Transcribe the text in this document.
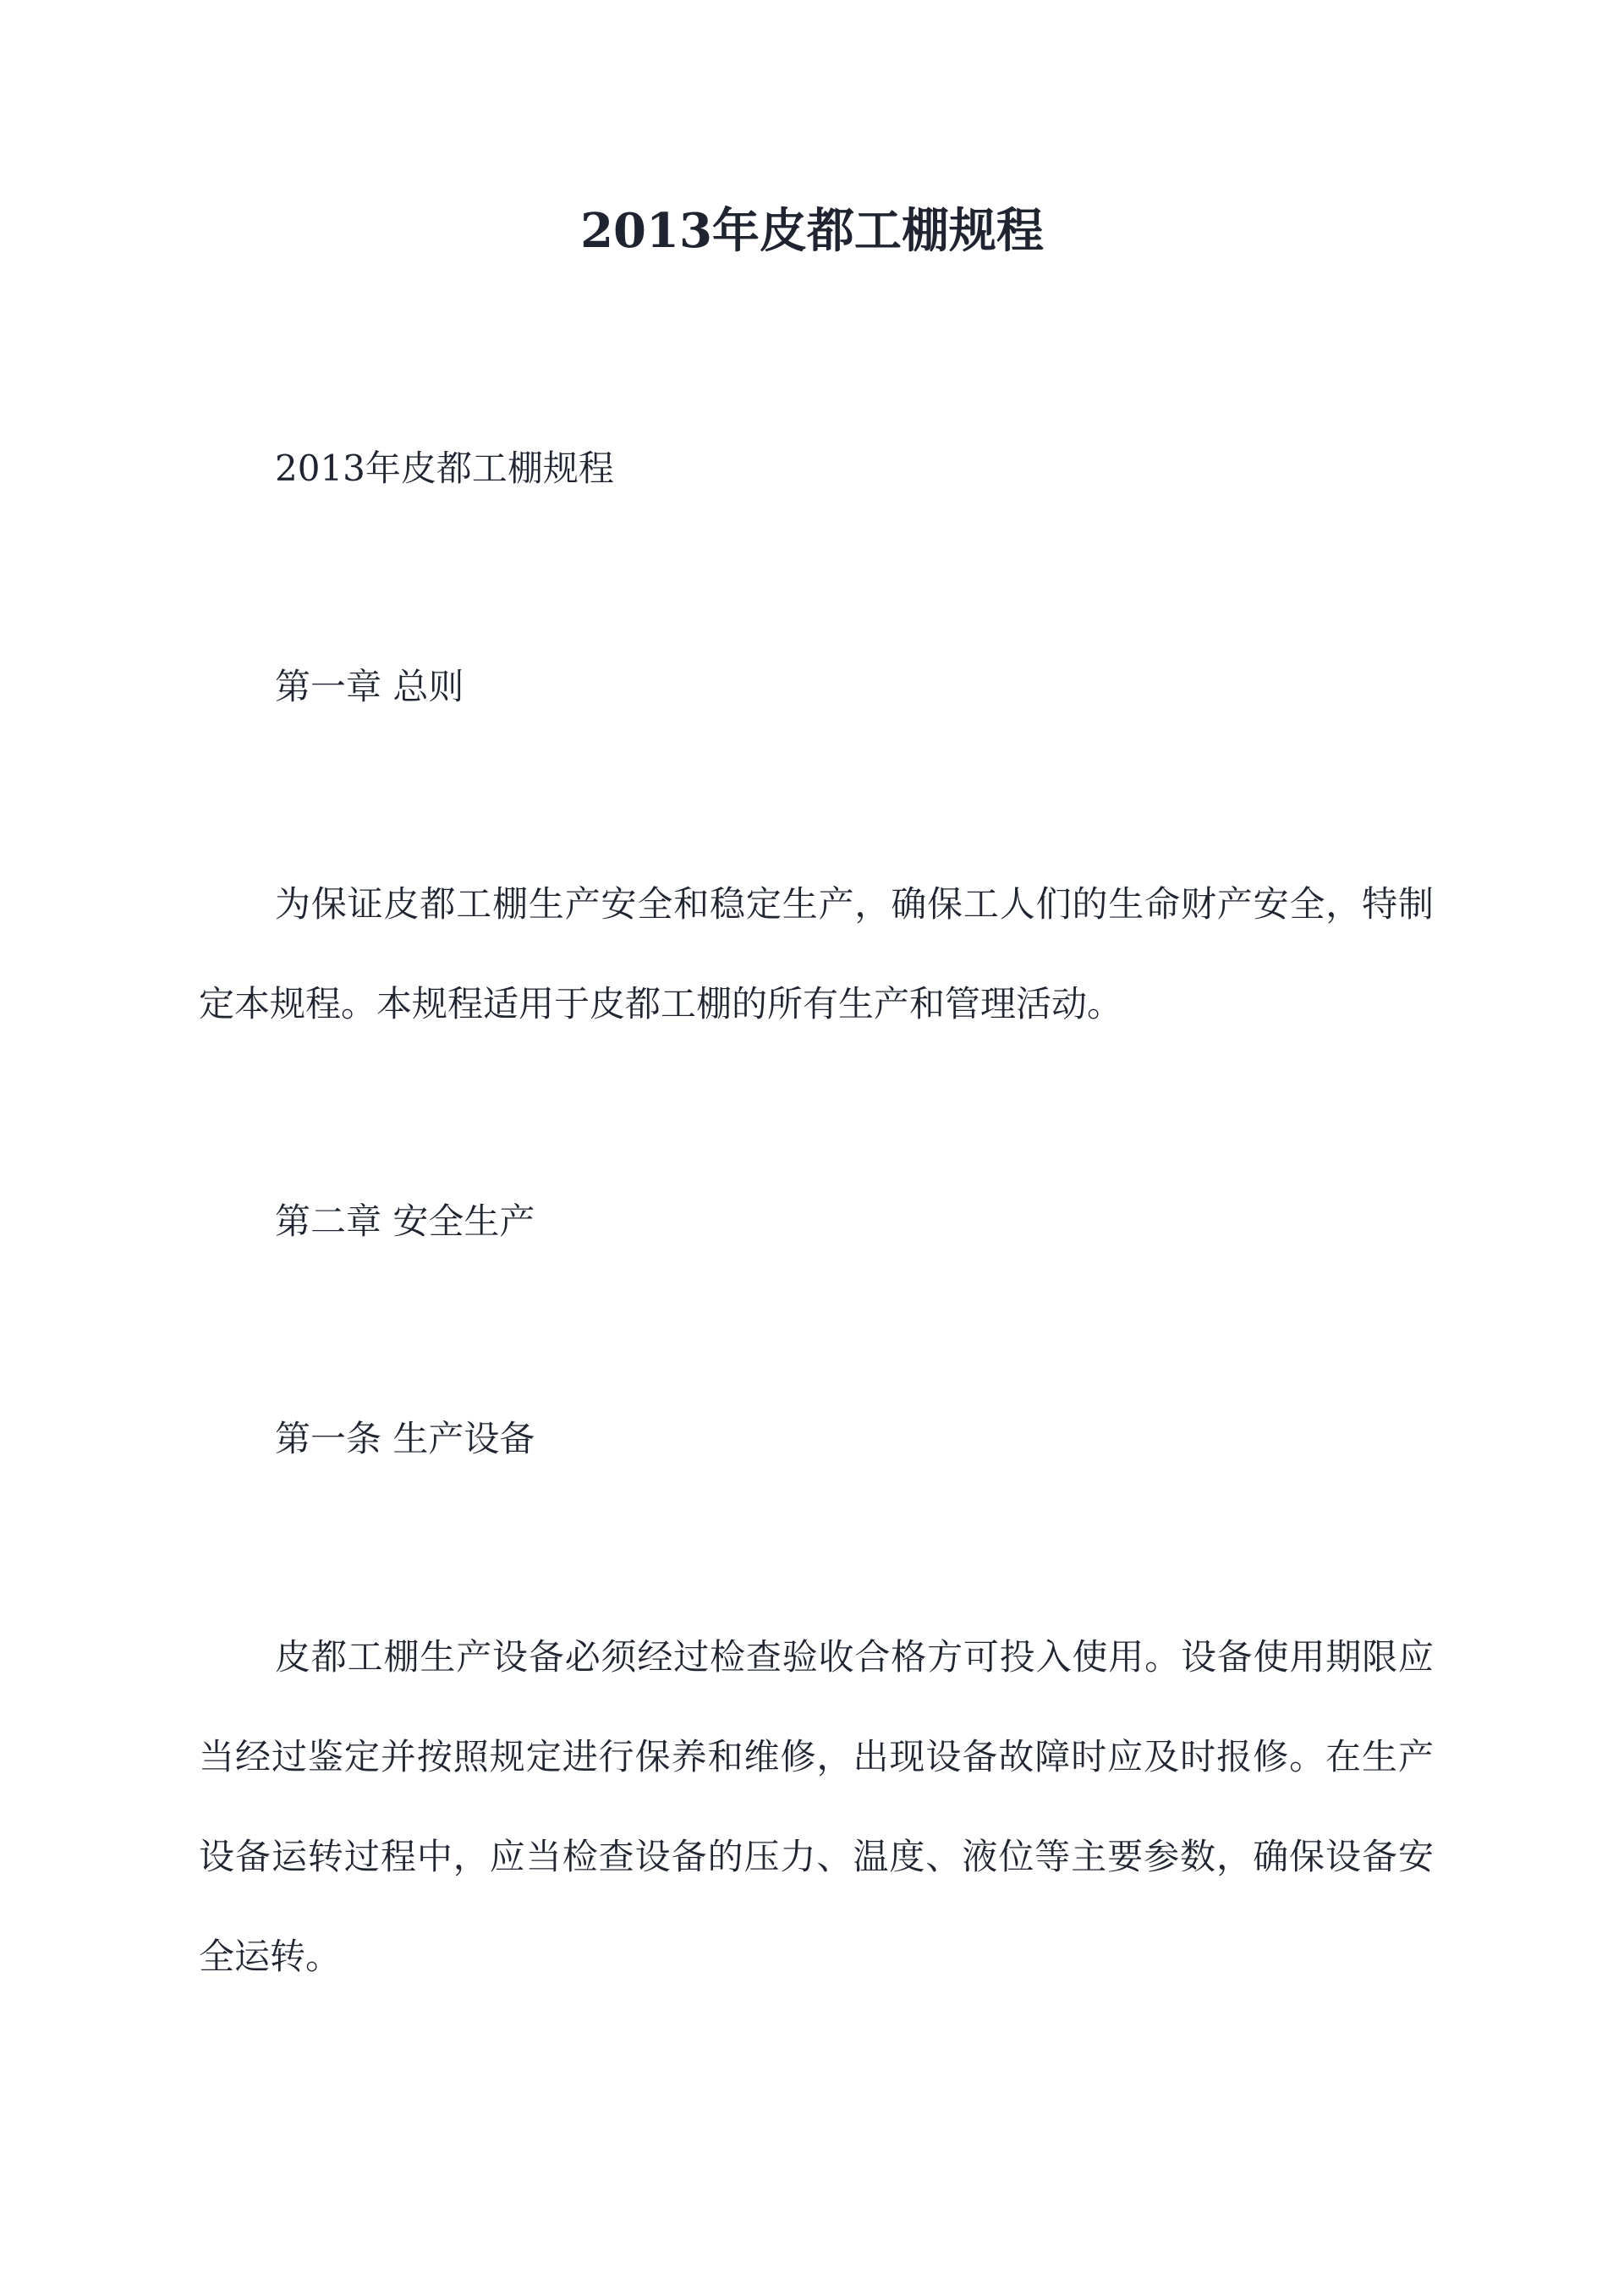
2013年皮都工棚规程

2013年皮都工棚规程

第一章 总则

为保证皮都工棚生产安全和稳定生产，确保工人们的生命财产安全，特制定本规程。本规程适用于皮都工棚的所有生产和管理活动。

第二章 安全生产

第一条 生产设备

皮都工棚生产设备必须经过检查验收合格方可投入使用。设备使用期限应当经过鉴定并按照规定进行保养和维修，出现设备故障时应及时报修。在生产设备运转过程中，应当检查设备的压力、温度、液位等主要参数，确保设备安全运转。
